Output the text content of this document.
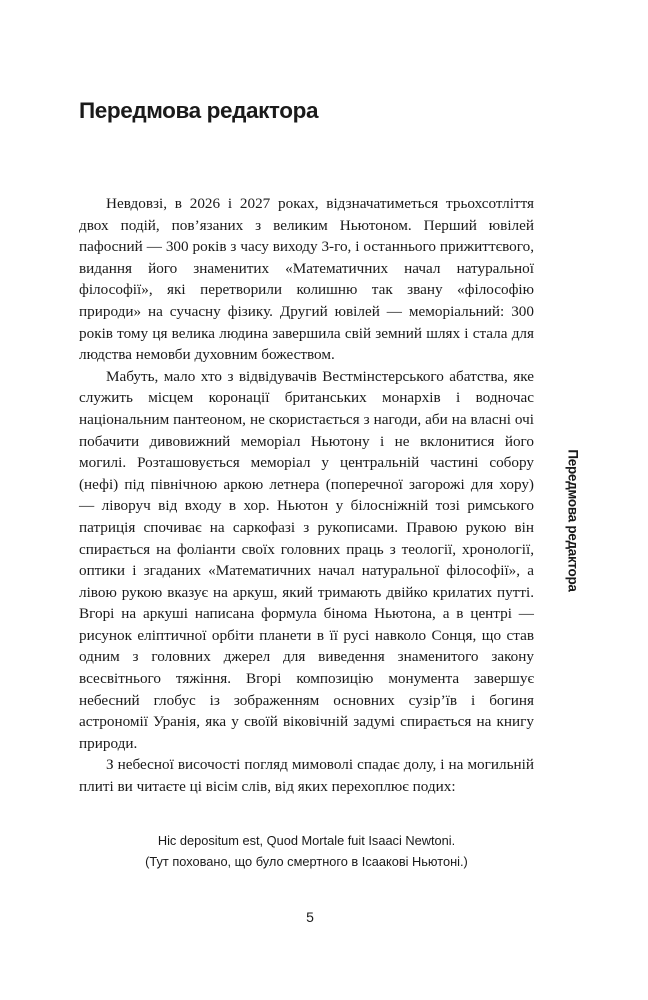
Передмова редактора

Невдовзі, в 2026 і 2027 роках, відзначатиметься трьохсотліття двох подій, пов’язаних з великим Ньютоном. Перший ювілей пафосний — 300 років з часу виходу 3-го, і останнього прижиттєвого, видання його знаменитих «Математичних начал натуральної філософії», які перетворили колишню так звану «філософію природи» на сучасну фізику. Другий ювілей — меморіальний: 300 років тому ця велика людина завершила свій земний шлях і стала для людства немовби духовним божеством.

Мабуть, мало хто з відвідувачів Вестмінстерського абатства, яке служить місцем коронації британських монархів і водночас національним пантеоном, не скористається з нагоди, аби на власні очі побачити дивовижний меморіал Ньютону і не вклонитися його могилі. Розташовується меморіал у центральній частині собору (нефі) під північною аркою летнера (поперечної загорожі для хору) — ліворуч від входу в хор. Ньютон у білосніжній тозі римського патриція спочиває на саркофазі з рукописами. Правою рукою він спирається на фоліанти своїх головних праць з теології, хронології, оптики і згаданих «Математичних начал натуральної філософії», а лівою рукою вказує на аркуш, який тримають двійко крилатих путті. Вгорі на аркуші написана формула бінома Ньютона, а в центрі — рисунок еліптичної орбіти планети в її русі навколо Сонця, що став одним з головних джерел для виведення знаменитого закону всесвітнього тяжіння. Вгорі композицію монумента завершує небесний глобус із зображенням основних сузір’їв і богиня астрономії Уранія, яка у своїй віковічній задумі спирається на книгу природи.

З небесної височості погляд мимоволі спадає долу, і на могильній плиті ви читаєте ці вісім слів, від яких перехоплює подих:

Hic depositum est, Quod Mortale fuit Isaaci Newtoni.
(Тут поховано, що було смертного в Ісаакові Ньютоні.)
Передмова редактора
5
